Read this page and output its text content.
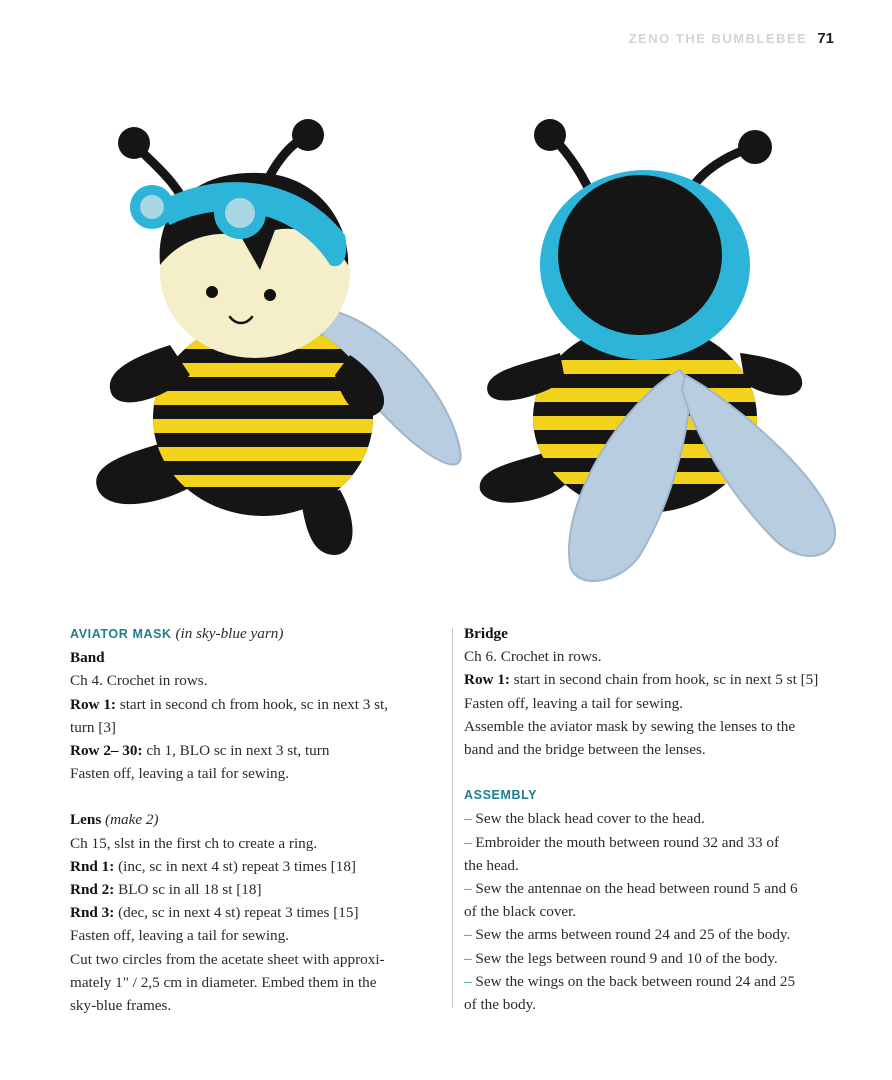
ZENO THE BUMBLEBEE 71
AVIATOR MASK (in sky-blue yarn)
Band
Ch 4. Crochet in rows.
Row 1: start in second ch from hook, sc in next 3 st,
turn [3]
Row 2– 30: ch 1, BLO sc in next 3 st, turn
Fasten off, leaving a tail for sewing.
Lens (make 2)
Ch 15, slst in the first ch to create a ring.
Rnd 1: (inc, sc in next 4 st) repeat 3 times [18]
Rnd 2: BLO sc in all 18 st [18]
Rnd 3: (dec, sc in next 4 st) repeat 3 times [15]
Fasten off, leaving a tail for sewing.
Cut two circles from the acetate sheet with approxi-
mately 1" / 2,5 cm in diameter. Embed them in the
sky-blue frames.
Bridge
Ch 6. Crochet in rows.
Row 1: start in second chain from hook, sc in next 5 st [5]
Fasten off, leaving a tail for sewing.
Assemble the aviator mask by sewing the lenses to the
band and the bridge between the lenses.
ASSEMBLY
– Sew the black head cover to the head.
– Embroider the mouth between round 32 and 33 of
the head.
– Sew the antennae on the head between round 5 and 6
of the black cover.
– Sew the arms between round 24 and 25 of the body.
– Sew the legs between round 9 and 10 of the body.
– Sew the wings on the back between round 24 and 25
of the body.
